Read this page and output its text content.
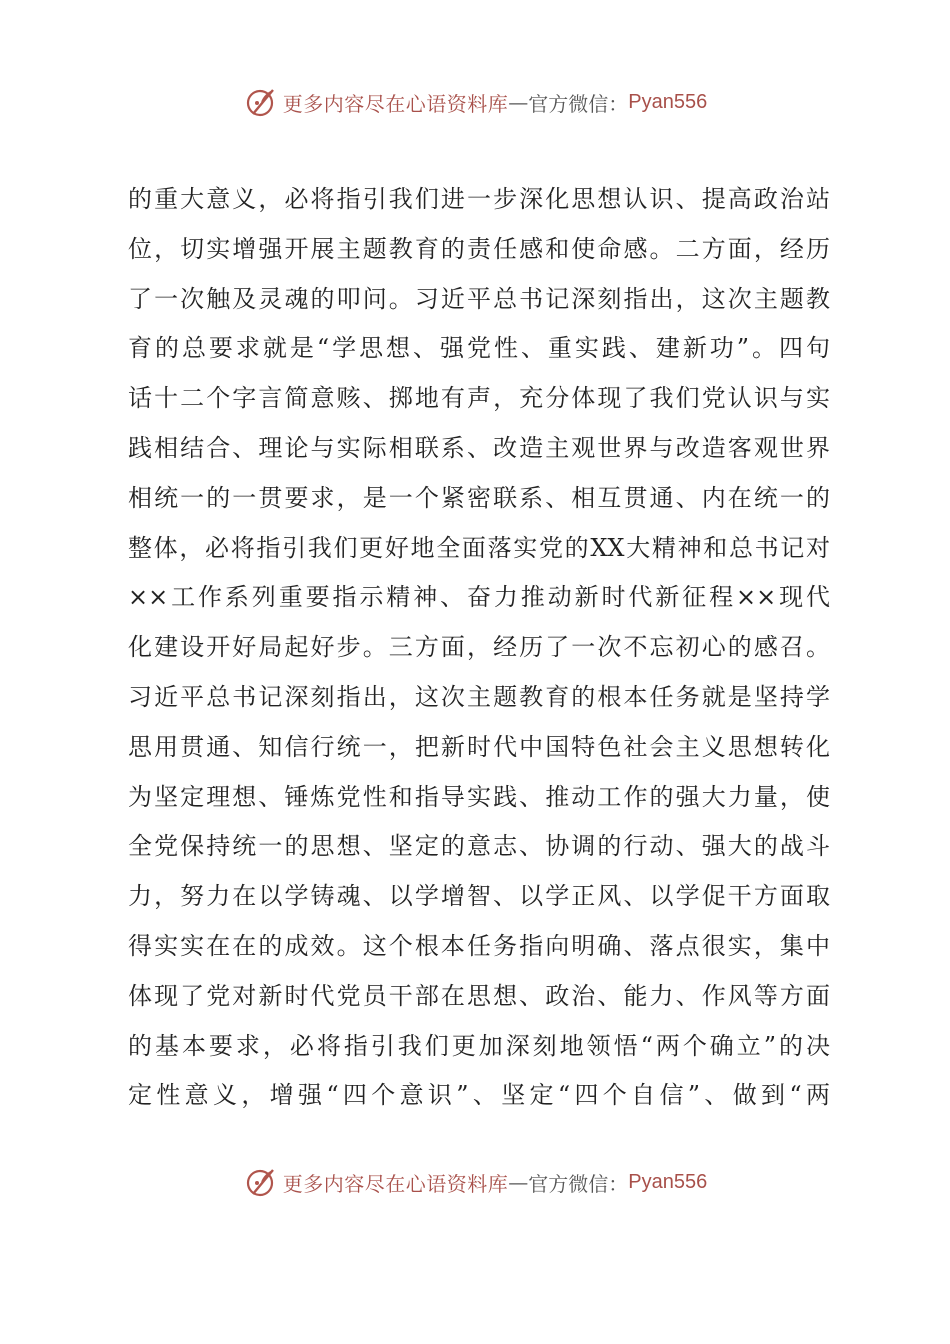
更多内容尽在心语资料库 — 官方微信： Pyan556
的重大意义，必将指引我们进一步深化思想认识、提高政治站
位，切实增强开展主题教育的责任感和使命感。二方面，经历
了一次触及灵魂的叩问。习近平总书记深刻指出，这次主题教
育的总要求就是“学思想、强党性、重实践、建新功”。四句
话十二个字言简意赅、掷地有声，充分体现了我们党认识与实
践相结合、理论与实际相联系、改造主观世界与改造客观世界
相统一的一贯要求，是一个紧密联系、相互贯通、内在统一的
整体，必将指引我们更好地全面落实党的XX大精神和总书记对
××工作系列重要指示精神、奋力推动新时代新征程××现代
化建设开好局起好步。三方面，经历了一次不忘初心的感召。
习近平总书记深刻指出，这次主题教育的根本任务就是坚持学
思用贯通、知信行统一，把新时代中国特色社会主义思想转化
为坚定理想、锤炼党性和指导实践、推动工作的强大力量，使
全党保持统一的思想、坚定的意志、协调的行动、强大的战斗
力，努力在以学铸魂、以学增智、以学正风、以学促干方面取
得实实在在的成效。这个根本任务指向明确、落点很实，集中
体现了党对新时代党员干部在思想、政治、能力、作风等方面
的基本要求，必将指引我们更加深刻地领悟“两个确立”的决
定性意义，增强“四个意识”、坚定“四个自信”、做到“两
更多内容尽在心语资料库 — 官方微信： Pyan556
